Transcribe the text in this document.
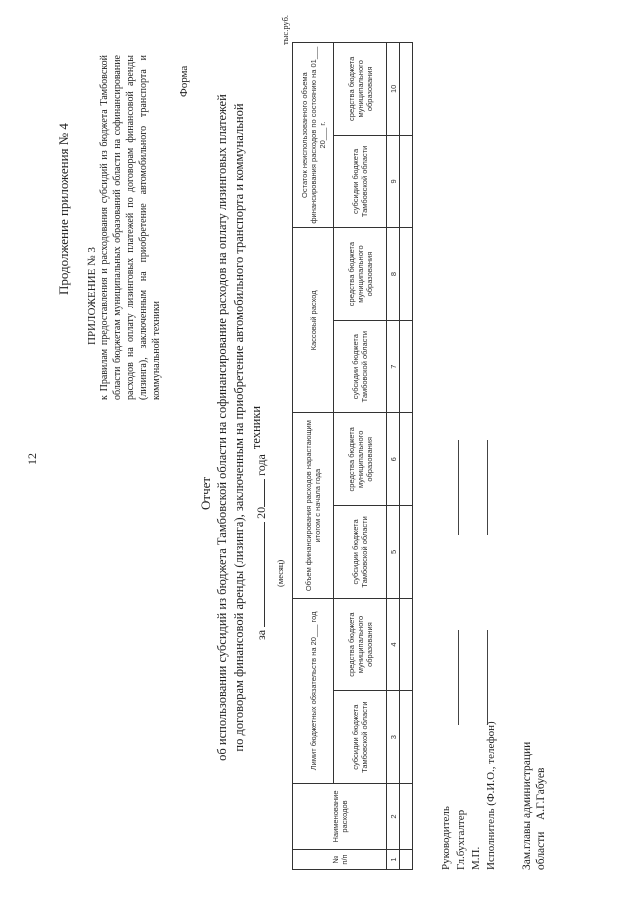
12
Продолжение приложения № 4
ПРИЛОЖЕНИЕ № 3 к Правилам предоставления и расходования субсидий из бюджета Тамбовской области бюджетам муниципальных образований области на софинансирование расходов на оплату лизинговых платежей по договорам финансовой аренды (лизинга), заключенным на приобретение автомобильного транспорта и коммунальной техники
Форма
Отчет об использовании субсидий из бюджета Тамбовской области на софинансирование расходов на оплату лизинговых платежей по договорам финансовой аренды (лизинга), заключенным на приобретение автомобильного транспорта и коммунальной техники
за  20 года
(месяц)
тыс.руб.
№ п/п	Наименование расходов	Лимит бюджетных обязательств на 20___ год		Объем финансирования расходов нарастающим итогом с начала года		Кассовый расход		Остаток неиспользованного объема финансирования расходов по состоянию на 01___ 20___ г.	
		субсидии бюджета Тамбовской области	средства бюджета муниципального образования	субсидии бюджета Тамбовской области	средства бюджета муниципального образования	субсидии бюджета Тамбовской области	средства бюджета муниципального образования	субсидии бюджета Тамбовской области	средства бюджета муниципального образования
1	2	3	4	5	6	7	8	9	10

Руководитель Гл.бухгалтер М.П. Исполнитель (Ф.И.О., телефон) Зам.главы администрации области    А.Г.Габуев
